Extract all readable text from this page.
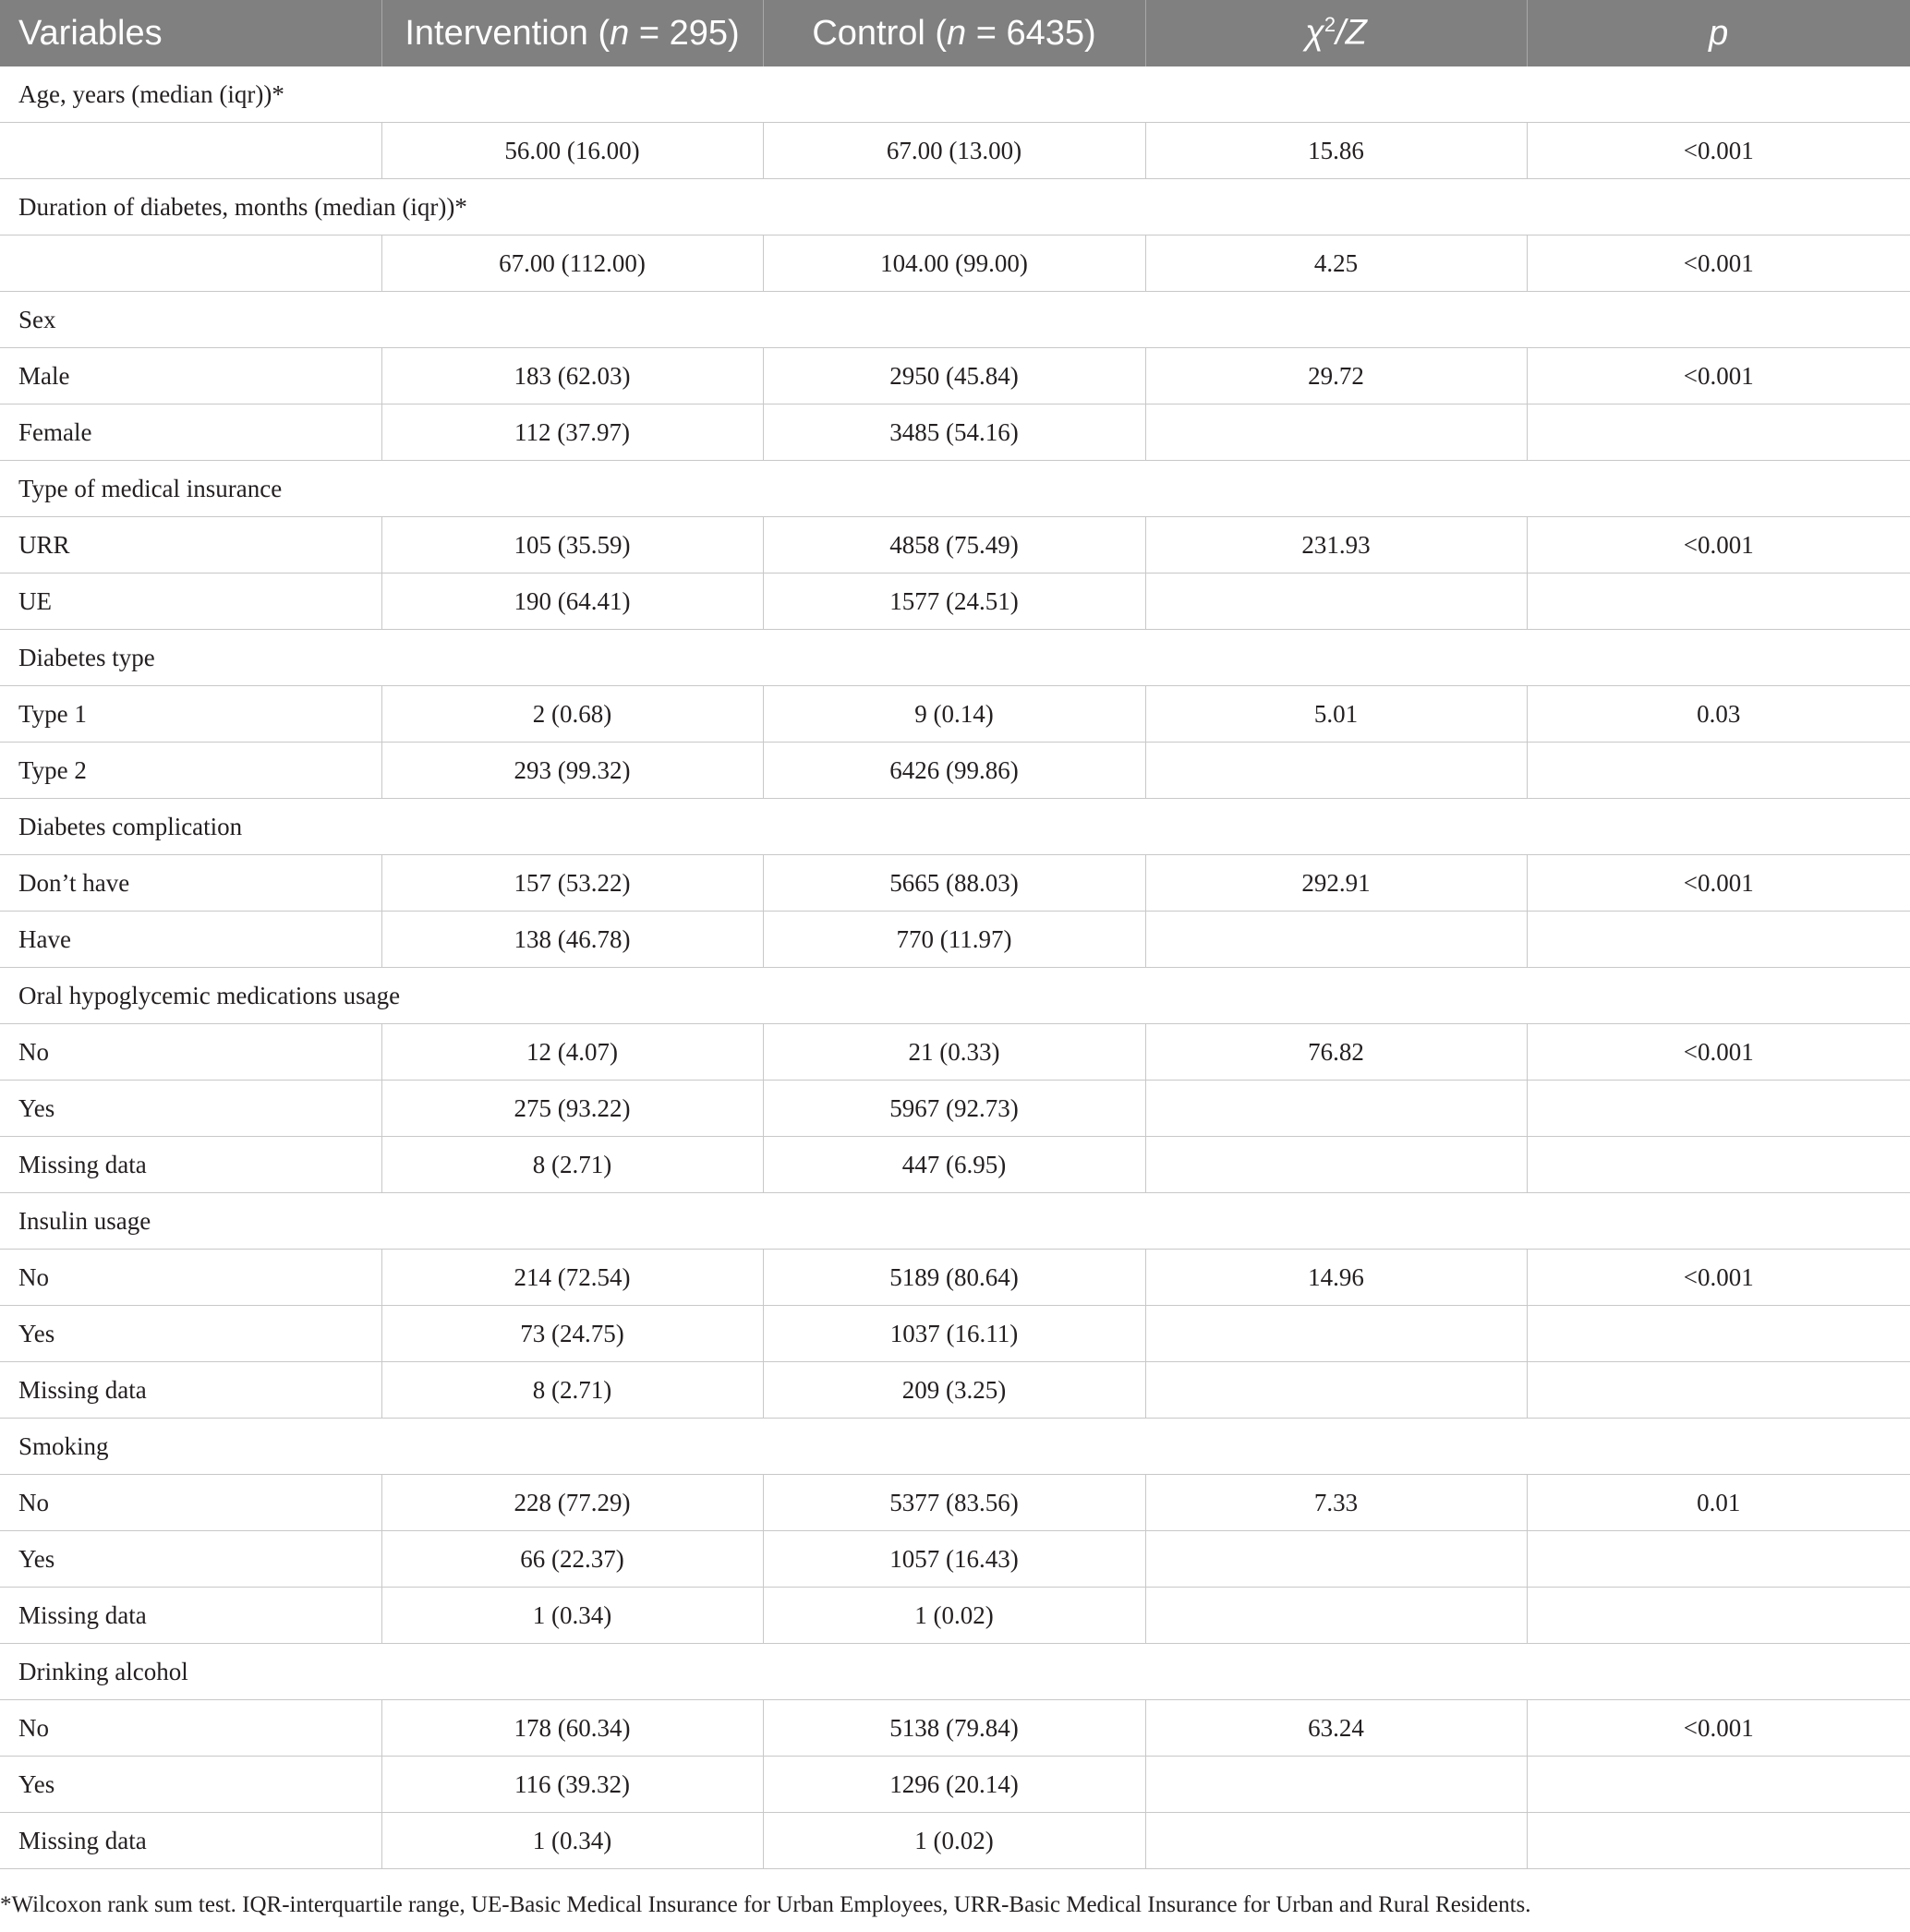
Variables	Intervention (n = 295)	Control (n = 6435)	$\chi^2/Z$	p
Age, years (median (iqr))*				
	56.00 (16.00)	67.00 (13.00)	15.86	<0.001
Duration of diabetes, months (median (iqr))*				
	67.00 (112.00)	104.00 (99.00)	4.25	<0.001
Sex				
Male	183 (62.03)	2950 (45.84)	29.72	<0.001
Female	112 (37.97)	3485 (54.16)		
Type of medical insurance				
URR	105 (35.59)	4858 (75.49)	231.93	<0.001
UE	190 (64.41)	1577 (24.51)		
Diabetes type				
Type 1	2 (0.68)	9 (0.14)	5.01	0.03
Type 2	293 (99.32)	6426 (99.86)		
Diabetes complication				
Don’t have	157 (53.22)	5665 (88.03)	292.91	<0.001
Have	138 (46.78)	770 (11.97)		
Oral hypoglycemic medications usage				
No	12 (4.07)	21 (0.33)	76.82	<0.001
Yes	275 (93.22)	5967 (92.73)		
Missing data	8 (2.71)	447 (6.95)		
Insulin usage				
No	214 (72.54)	5189 (80.64)	14.96	<0.001
Yes	73 (24.75)	1037 (16.11)		
Missing data	8 (2.71)	209 (3.25)		
Smoking				
No	228 (77.29)	5377 (83.56)	7.33	0.01
Yes	66 (22.37)	1057 (16.43)		
Missing data	1 (0.34)	1 (0.02)		
Drinking alcohol				
No	178 (60.34)	5138 (79.84)	63.24	<0.001
Yes	116 (39.32)	1296 (20.14)		
Missing data	1 (0.34)	1 (0.02)		
*Wilcoxon rank sum test. IQR-interquartile range, UE-Basic Medical Insurance for Urban Employees, URR-Basic Medical Insurance for Urban and Rural Residents.
